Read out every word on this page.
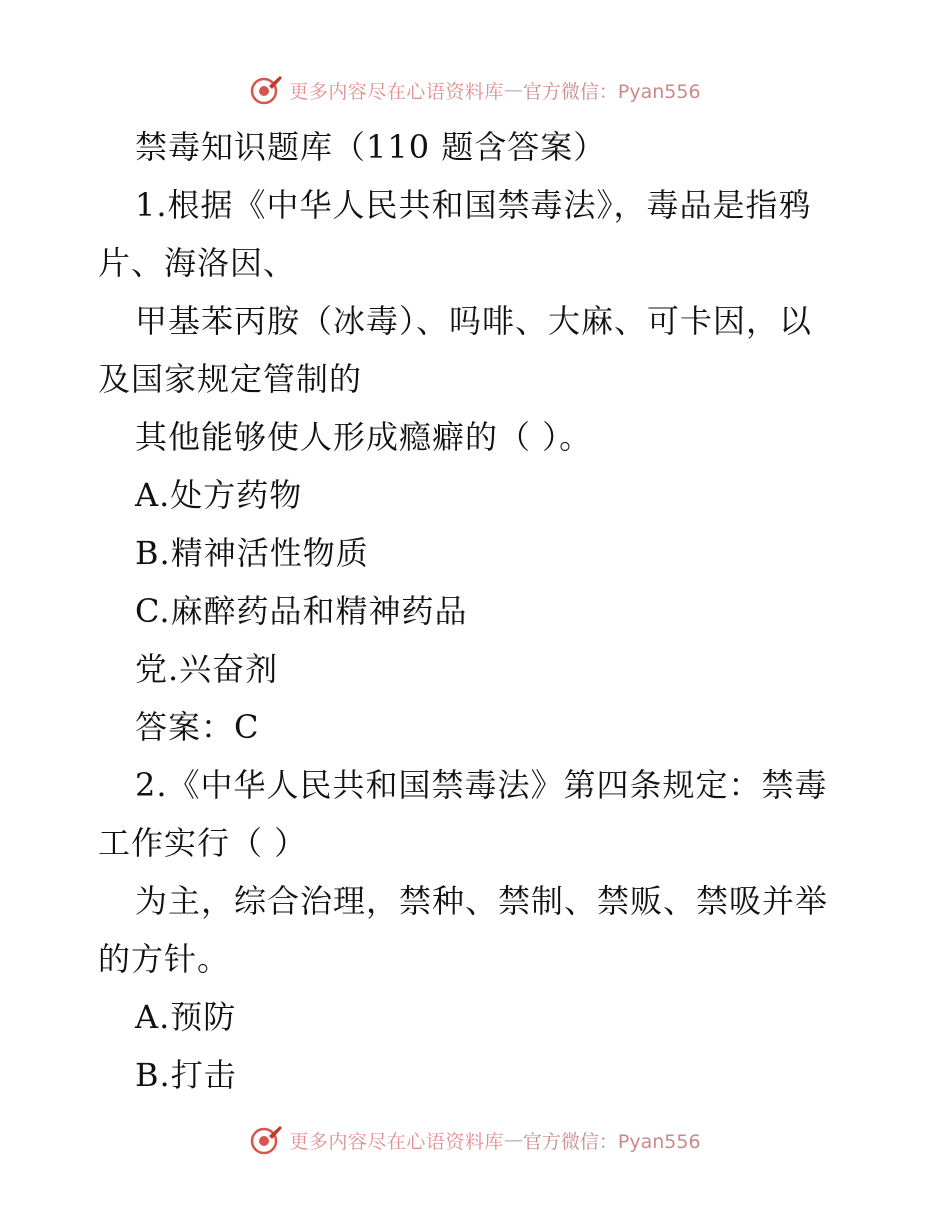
更多内容尽在心语资料库 — 官方微信：Pyan556
禁毒知识题库（110 题含答案）
1.根据《中华人民共和国禁毒法》，毒品是指鸦
片、海洛因、
甲基苯丙胺（冰毒）、吗啡、大麻、可卡因，以
及国家规定管制的
其他能够使人形成瘾癖的（ ）。
A.处方药物
B.精神活性物质
C.麻醉药品和精神药品
党.兴奋剂
答案：C
2.《中华人民共和国禁毒法》第四条规定：禁毒
工作实行（ ）
为主，综合治理，禁种、禁制、禁贩、禁吸并举
的方针。
A.预防
B.打击
更多内容尽在心语资料库 — 官方微信：Pyan556
